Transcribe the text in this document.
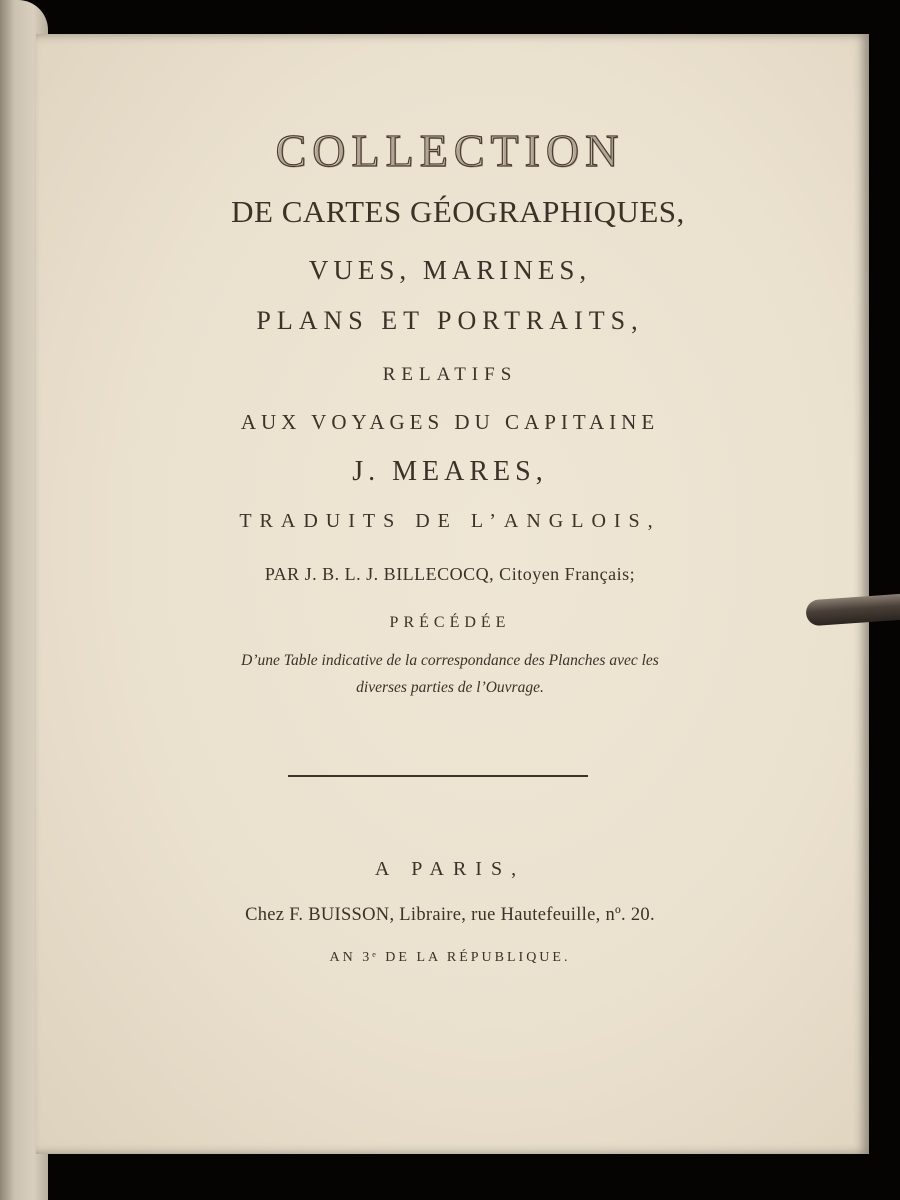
COLLECTION
DE CARTES GÉOGRAPHIQUES,
VUES, MARINES,
PLANS ET PORTRAITS,
RELATIFS
AUX VOYAGES DU CAPITAINE
J. MEARES,
TRADUITS DE L’ANGLOIS,
PAR J. B. L. J. BILLECOCQ, Citoyen Français;
PRÉCÉDÉE
D’une Table indicative de la correspondance des Planches avec les
diverses parties de l’Ouvrage.
A PARIS,
Chez F. BUISSON, Libraire, rue Hautefeuille, nº. 20.
AN 3ᵉ DE LA RÉPUBLIQUE.
